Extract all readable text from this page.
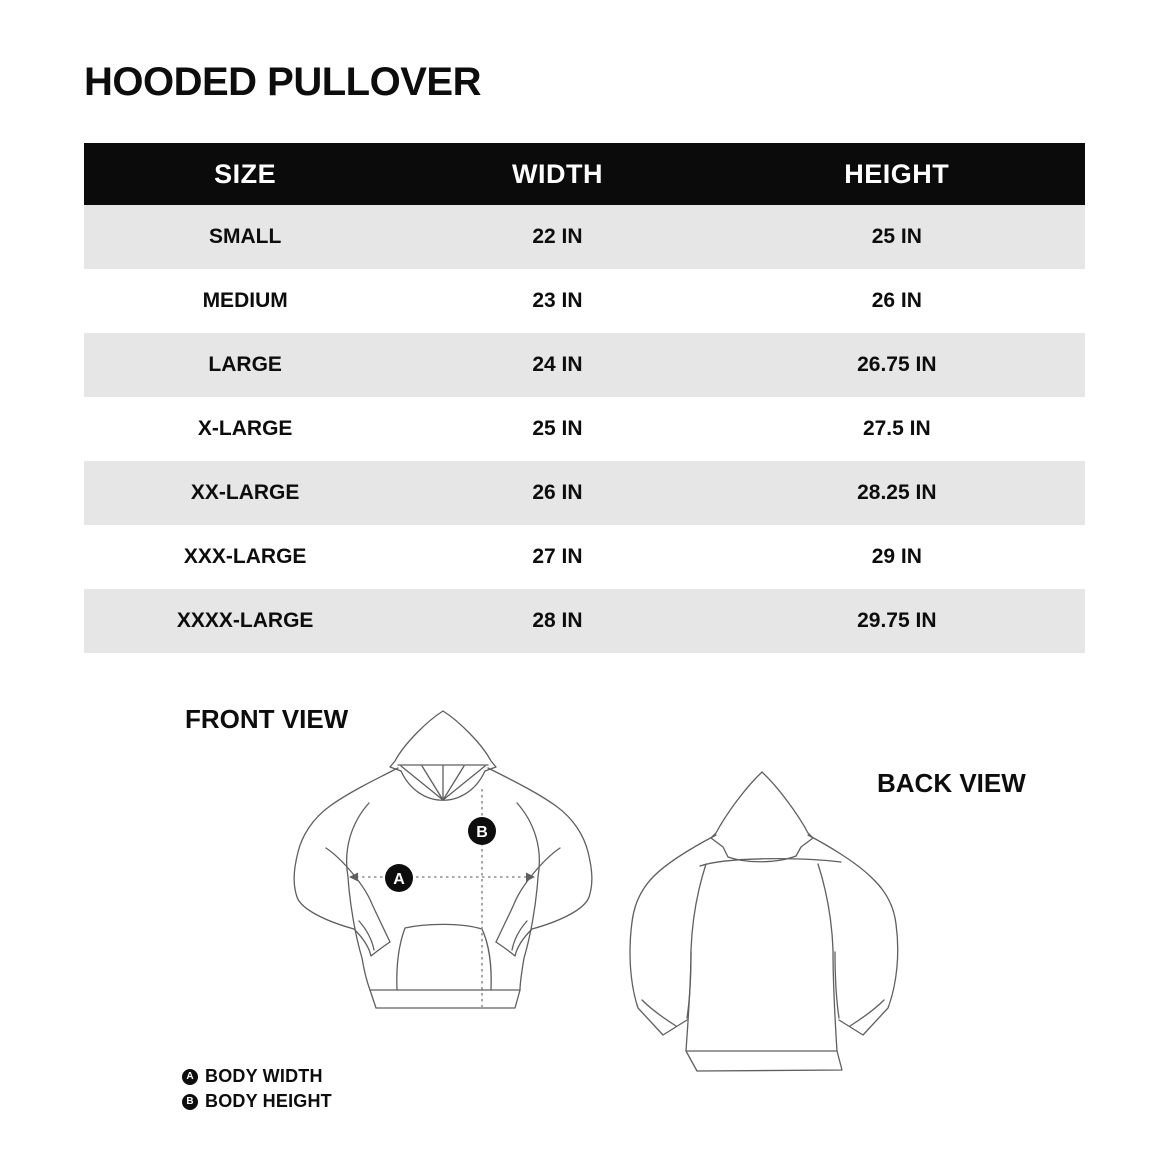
HOODED PULLOVER
SIZE	WIDTH	HEIGHT
SMALL	22 IN	25 IN
MEDIUM	23 IN	26 IN
LARGE	24 IN	26.75 IN
X-LARGE	25 IN	27.5 IN
XX-LARGE	26 IN	28.25 IN
XXX-LARGE	27 IN	29 IN
XXXX-LARGE	28 IN	29.75 IN
FRONT VIEW
BACK VIEW
A
B
A BODY WIDTH
B BODY HEIGHT
